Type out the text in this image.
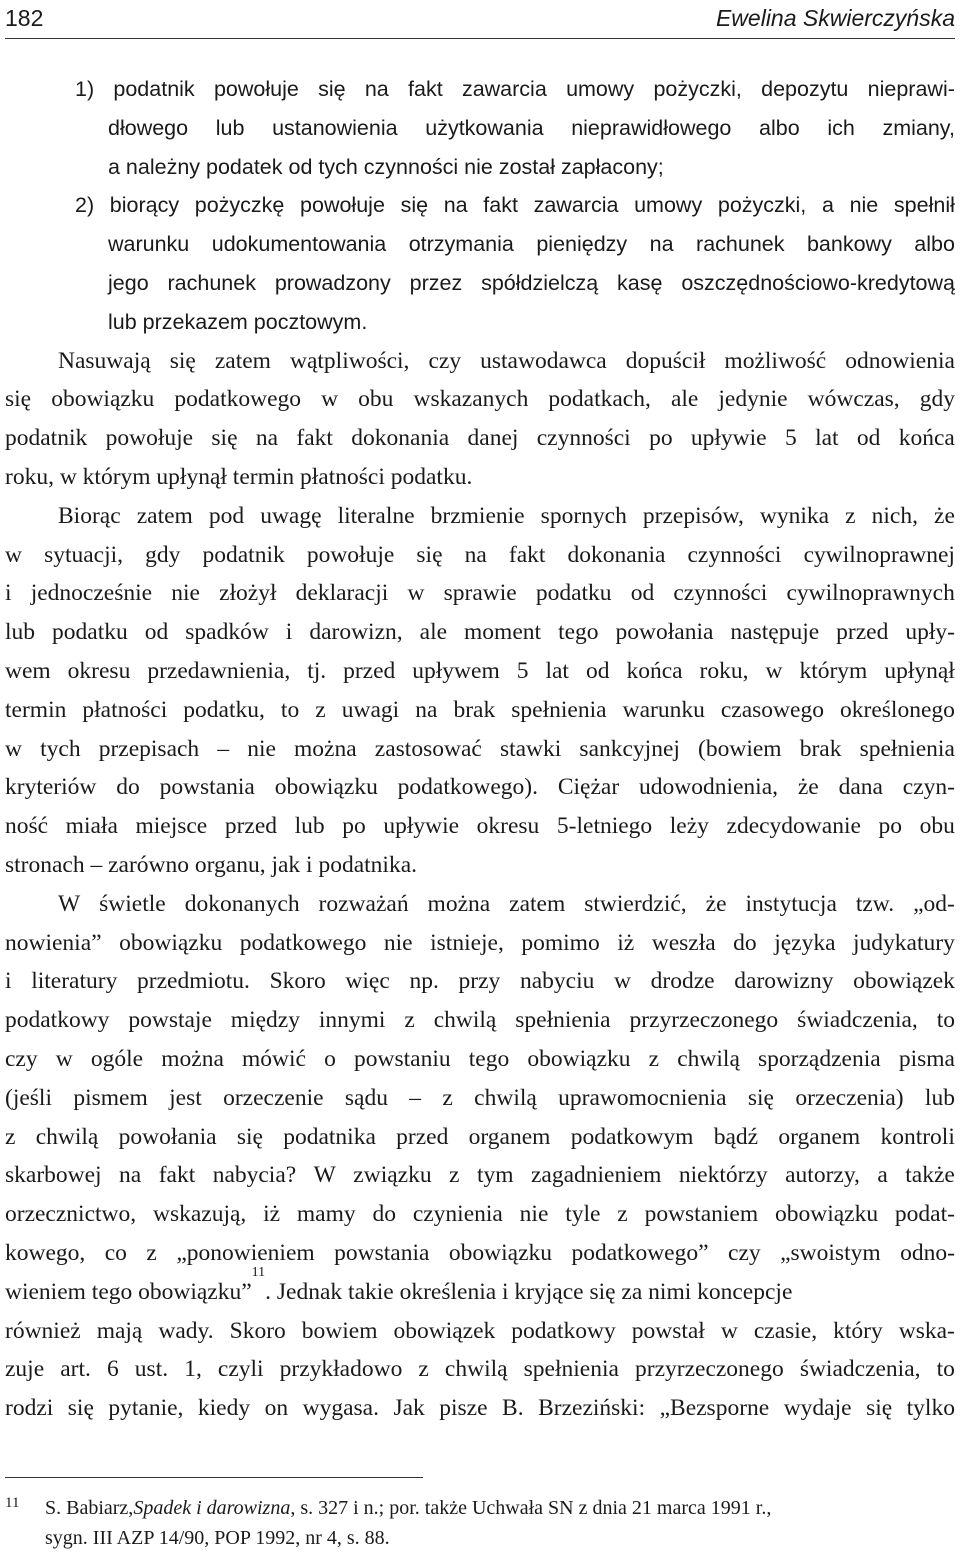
182	Ewelina Skwierczyńska
1) podatnik powołuje się na fakt zawarcia umowy pożyczki, depozytu nieprawi-
dłowego lub ustanowienia użytkowania nieprawidłowego albo ich zmiany,
a należny podatek od tych czynności nie został zapłacony;
2) biorący pożyczkę powołuje się na fakt zawarcia umowy pożyczki, a nie spełnił
warunku udokumentowania otrzymania pieniędzy na rachunek bankowy albo
jego rachunek prowadzony przez spółdzielczą kasę oszczędnościowo-kredytową
lub przekazem pocztowym.
Nasuwają się zatem wątpliwości, czy ustawodawca dopuścił możliwość odnowienia
się obowiązku podatkowego w obu wskazanych podatkach, ale jedynie wówczas, gdy
podatnik powołuje się na fakt dokonania danej czynności po upływie 5 lat od końca
roku, w którym upłynął termin płatności podatku.
Biorąc zatem pod uwagę literalne brzmienie spornych przepisów, wynika z nich, że
w sytuacji, gdy podatnik powołuje się na fakt dokonania czynności cywilnoprawnej
i jednocześnie nie złożył deklaracji w sprawie podatku od czynności cywilnoprawnych
lub podatku od spadków i darowizn, ale moment tego powołania następuje przed upły-
wem okresu przedawnienia, tj. przed upływem 5 lat od końca roku, w którym upłynął
termin płatności podatku, to z uwagi na brak spełnienia warunku czasowego określonego
w tych przepisach – nie można zastosować stawki sankcyjnej (bowiem brak spełnienia
kryteriów do powstania obowiązku podatkowego). Ciężar udowodnienia, że dana czyn-
ność miała miejsce przed lub po upływie okresu 5-letniego leży zdecydowanie po obu
stronach – zarówno organu, jak i podatnika.
W świetle dokonanych rozważań można zatem stwierdzić, że instytucja tzw. „od-
nowienia” obowiązku podatkowego nie istnieje, pomimo iż weszła do języka judykatury
i literatury przedmiotu. Skoro więc np. przy nabyciu w drodze darowizny obowiązek
podatkowy powstaje między innymi z chwilą spełnienia przyrzeczonego świadczenia, to
czy w ogóle można mówić o powstaniu tego obowiązku z chwilą sporządzenia pisma
(jeśli pismem jest orzeczenie sądu – z chwilą uprawomocnienia się orzeczenia) lub
z chwilą powołania się podatnika przed organem podatkowym bądź organem kontroli
skarbowej na fakt nabycia? W związku z tym zagadnieniem niektórzy autorzy, a także
orzecznictwo, wskazują, iż mamy do czynienia nie tyle z powstaniem obowiązku podat-
kowego, co z „ponowieniem powstania obowiązku podatkowego” czy „swoistym odno-
wieniem tego obowiązku”
11
. Jednak takie określenia i kryjące się za nimi koncepcje
również mają wady. Skoro bowiem obowiązek podatkowy powstał w czasie, który wska-
zuje art. 6 ust. 1, czyli przykładowo z chwilą spełnienia przyrzeczonego świadczenia, to
rodzi się pytanie, kiedy on wygasa. Jak pisze B. Brzeziński: „Bezsporne wydaje się tylko
11 S. Babiarz, Spadek i darowizna , s. 327 i n.; por. także Uchwała SN z dnia 21 marca 1991 r.,
sygn. III AZP 14/90, POP 1992, nr 4, s. 88.
